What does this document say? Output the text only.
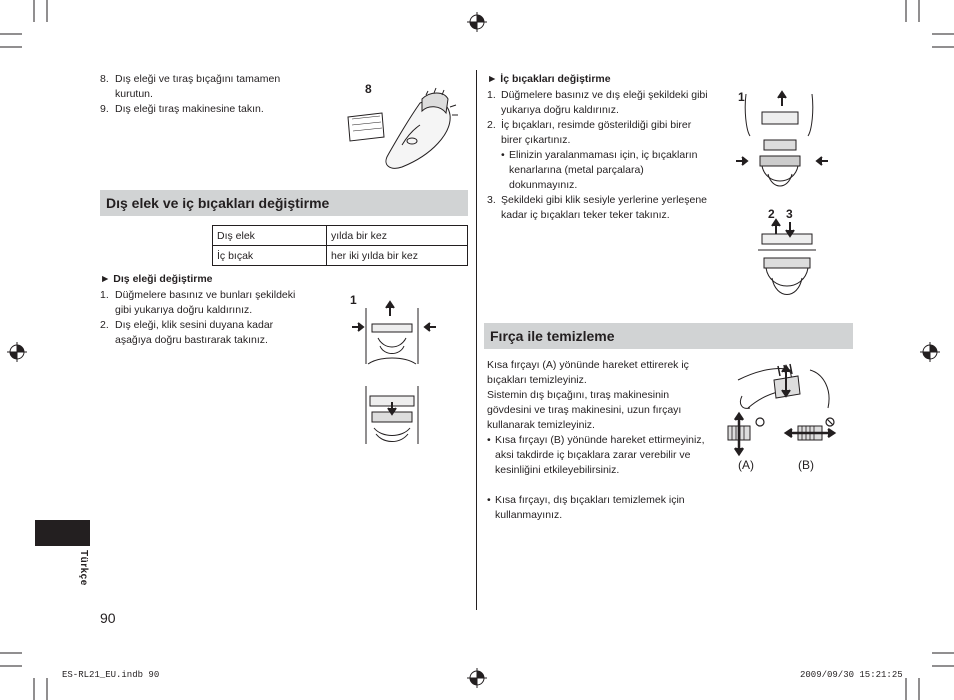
8. Dış eleği ve tıraş bıçağını tamamen kurutun.
9. Dış eleği tıraş makinesine takın.
8
Dış elek ve iç bıçakları değiştirme
Dış elek	yılda bir kez
İç bıçak	her iki yılda bir kez
► Dış eleği değiştirme
1. Düğmelere basınız ve bunları şekildeki gibi yukarıya doğru kaldırınız.
2. Dış eleği, klik sesini duyana kadar aşağıya doğru bastırarak takınız.
1
Türkçe
90
► İç bıçakları değiştirme
1. Düğmelere basınız ve dış eleği şekildeki gibi yukarıya doğru kaldırınız.
2. İç bıçakları, resimde gösterildiği gibi birer birer çıkartınız.
• Elinizin yaralanmaması için, iç bıçakların kenarlarına (metal parçalara) dokunmayınız.
3. Şekildeki gibi klik sesiyle yerlerine yerleşene kadar iç bıçakları teker teker takınız.
1
2 3
Fırça ile temizleme
Kısa fırçayı (A) yönünde hareket ettirerek iç bıçakları temizleyiniz.
Sistemin dış bıçağını, tıraş makinesinin gövdesini ve tıraş makinesini, uzun fırçayı kullanarak temizleyiniz.
• Kısa fırçayı (B) yönünde hareket ettirmeyiniz, aksi takdirde iç bıçaklara zarar verebilir ve kesinliğini etkileyebilirsiniz.
• Kısa fırçayı, dış bıçakları temizlemek için kullanmayınız.
(A)	(B)
ES-RL21_EU.indb 90	2009/09/30 15:21:25
